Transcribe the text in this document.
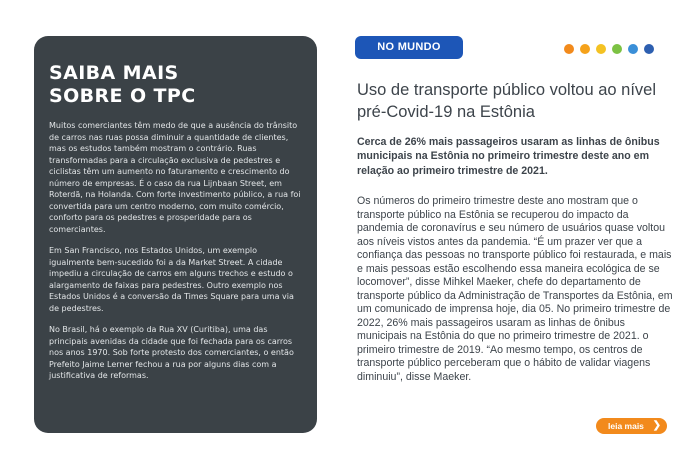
SAIBA MAIS
SOBRE O TPC

Muitos comerciantes têm medo de que a ausência do trânsito de carros nas ruas possa diminuir a quantidade de clientes, mas os estudos também mostram o contrário. Ruas transformadas para a circulação exclusiva de pedestres e ciclistas têm um aumento no faturamento e crescimento do número de empresas. É o caso da rua Lijnbaan Street, em Roterdã, na Holanda. Com forte investimento público, a rua foi convertida para um centro moderno, com muito comércio, conforto para os pedestres e prosperidade para os comerciantes.

Em San Francisco, nos Estados Unidos, um exemplo igualmente bem-sucedido foi a da Market Street. A cidade impediu a circulação de carros em alguns trechos e estudo o alargamento de faixas para pedestres. Outro exemplo nos Estados Unidos é a conversão da Times Square para uma via de pedestres.

No Brasil, há o exemplo da Rua XV (Curitiba), uma das principais avenidas da cidade que foi fechada para os carros nos anos 1970. Sob forte protesto dos comerciantes, o então Prefeito Jaime Lerner fechou a rua por alguns dias com a justificativa de reformas.

NO MUNDO
Uso de transporte público voltou ao nível pré-Covid-19 na Estônia

Cerca de 26% mais passageiros usaram as linhas de ônibus municipais na Estônia no primeiro trimestre deste ano em relação ao primeiro trimestre de 2021.

Os números do primeiro trimestre deste ano mostram que o transporte público na Estônia se recuperou do impacto da pandemia de coronavírus e seu número de usuários quase voltou aos níveis vistos antes da pandemia. “É um prazer ver que a confiança das pessoas no transporte público foi restaurada, e mais e mais pessoas estão escolhendo essa maneira ecológica de se locomover”, disse Mihkel Maeker, chefe do departamento de transporte público da Administração de Transportes da Estônia, em um comunicado de imprensa hoje, dia 05. No primeiro trimestre de 2022, 26% mais passageiros usaram as linhas de ônibus municipais na Estônia do que no primeiro trimestre de 2021. o primeiro trimestre de 2019. “Ao mesmo tempo, os centros de transporte público perceberam que o hábito de validar viagens diminuiu”, disse Maeker.

leia mais ❯
